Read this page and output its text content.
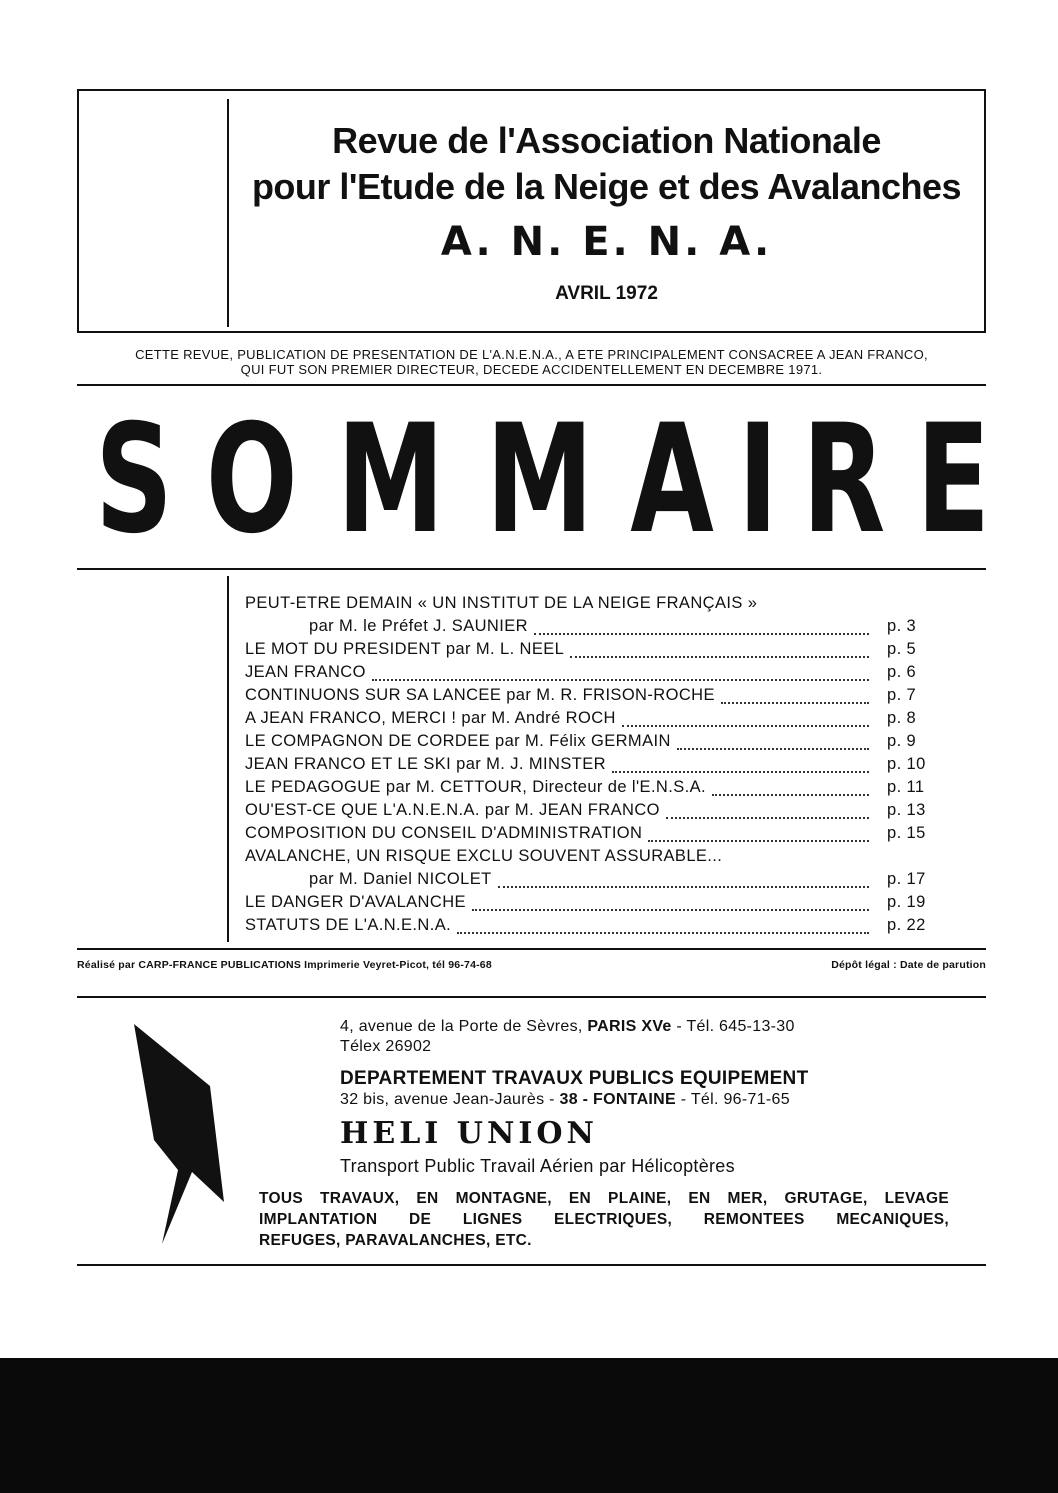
Revue de l'Association Nationale
pour l'Etude de la Neige et des Avalanches
A. N. E. N. A.
AVRIL 1972
CETTE REVUE, PUBLICATION DE PRESENTATION DE L'A.N.E.N.A., A ETE PRINCIPALEMENT CONSACREE A JEAN FRANCO,
QUI FUT SON PREMIER DIRECTEUR, DECEDE ACCIDENTELLEMENT EN DECEMBRE 1971.
S O M M A I R E
PEUT-ETRE DEMAIN « UN INSTITUT DE LA NEIGE FRANÇAIS »
par M. le Préfet J. SAUNIER	p. 3
LE MOT DU PRESIDENT par M. L. NEEL	p. 5
JEAN FRANCO	p. 6
CONTINUONS SUR SA LANCEE par M. R. FRISON-ROCHE	p. 7
A JEAN FRANCO, MERCI ! par M. André ROCH	p. 8
LE COMPAGNON DE CORDEE par M. Félix GERMAIN	p. 9
JEAN FRANCO ET LE SKI par M. J. MINSTER	p. 10
LE PEDAGOGUE par M. CETTOUR, Directeur de l'E.N.S.A.	p. 11
OU'EST-CE QUE L'A.N.E.N.A. par M. JEAN FRANCO	p. 13
COMPOSITION DU CONSEIL D'ADMINISTRATION	p. 15
AVALANCHE, UN RISQUE EXCLU SOUVENT ASSURABLE...
par M. Daniel NICOLET	p. 17
LE DANGER D'AVALANCHE	p. 19
STATUTS DE L'A.N.E.N.A.	p. 22
Réalisé par CARP-FRANCE PUBLICATIONS Imprimerie Veyret-Picot, tél 96-74-68	Dépôt légal : Date de parution
4, avenue de la Porte de Sèvres, PARIS XVe - Tél. 645-13-30
Télex 26902
DEPARTEMENT TRAVAUX PUBLICS EQUIPEMENT
32 bis, avenue Jean-Jaurès - 38 - FONTAINE - Tél. 96-71-65
HELI UNION
Transport Public Travail Aérien par Hélicoptères
TOUS TRAVAUX, EN MONTAGNE, EN PLAINE, EN MER, GRUTAGE, LEVAGE
IMPLANTATION DE LIGNES ELECTRIQUES, REMONTEES MECANIQUES,
REFUGES, PARAVALANCHES, ETC.
